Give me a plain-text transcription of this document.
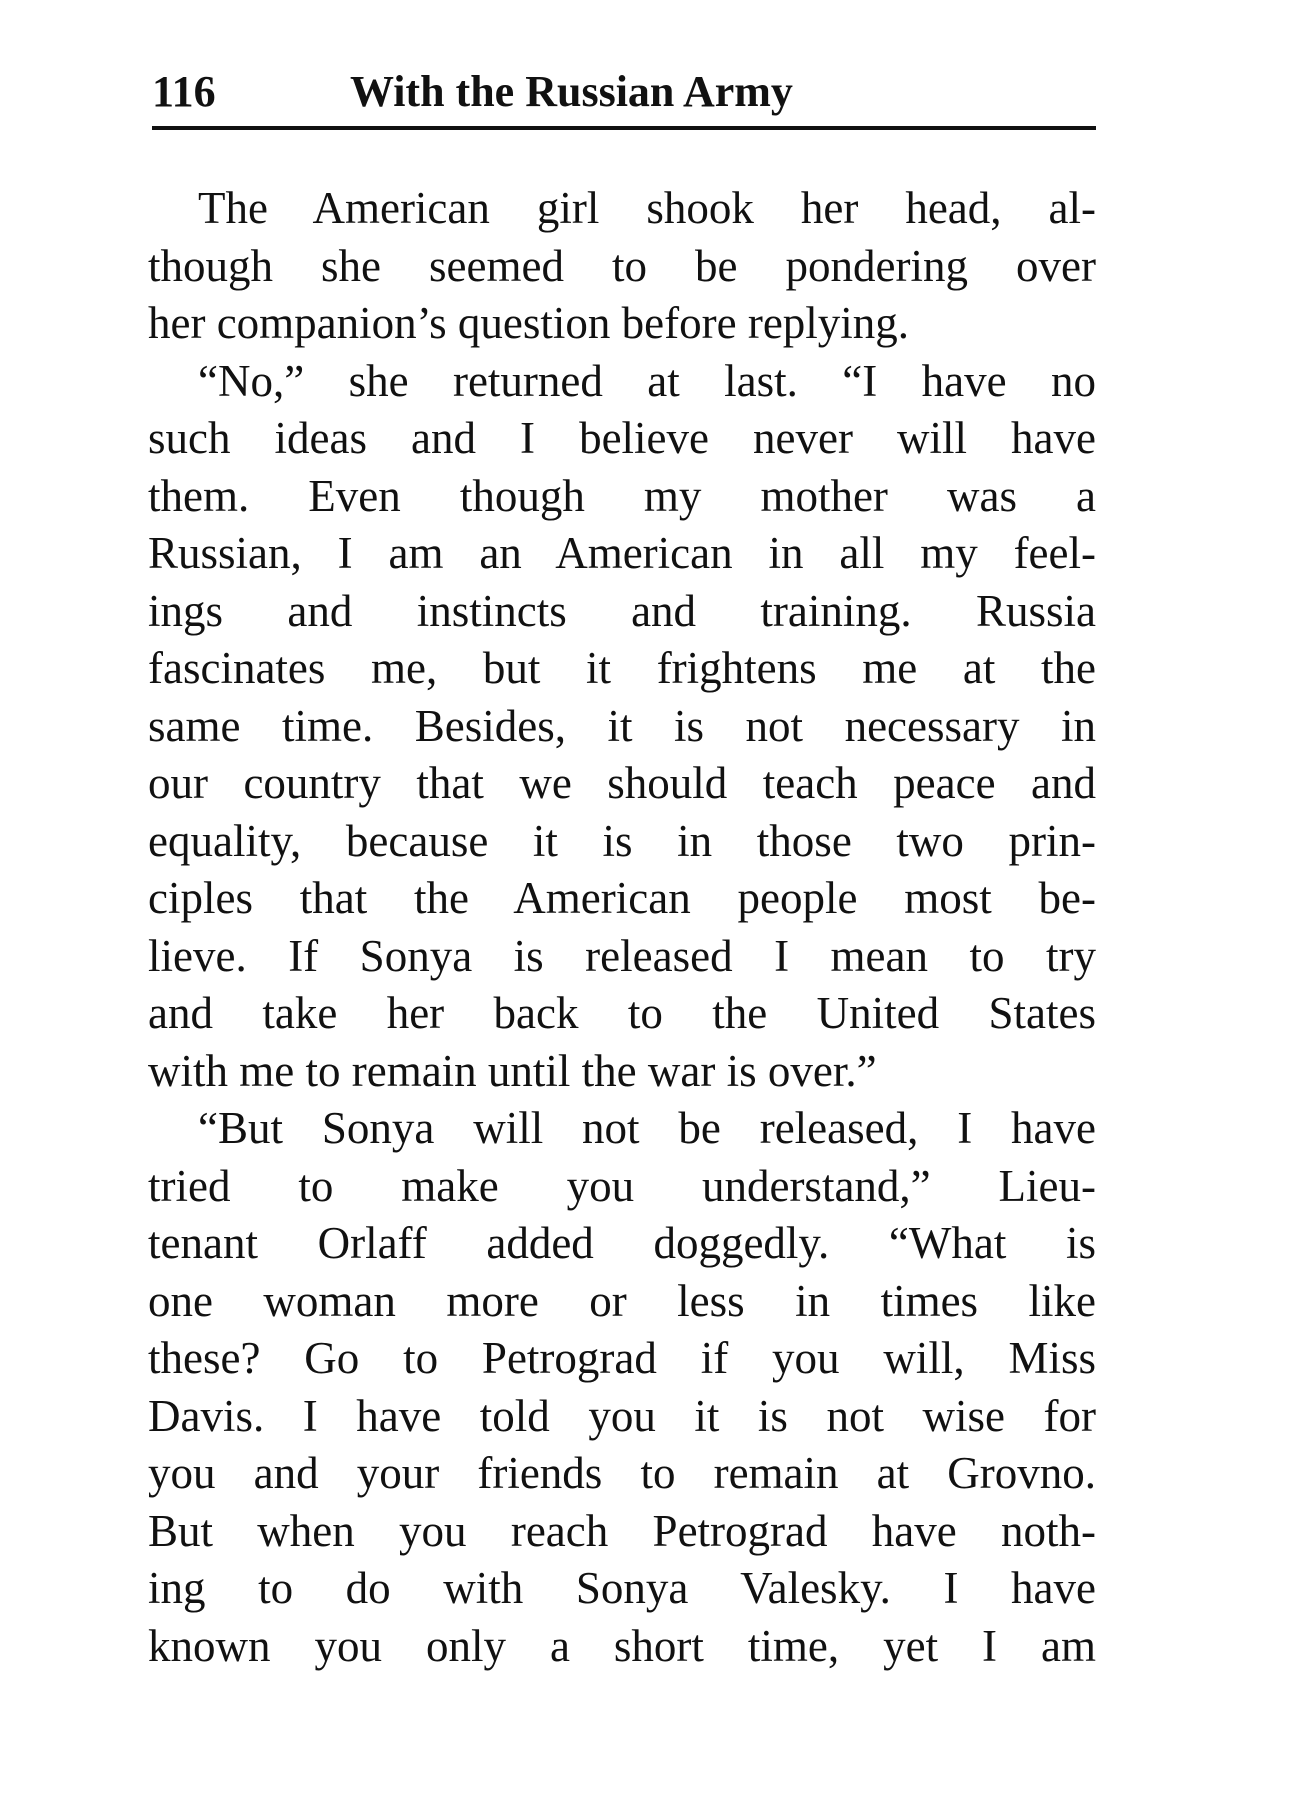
116	With the Russian Army
The American girl shook her head, al-
though she seemed to be pondering over
her companion’s question before replying.
“No,” she returned at last. “I have no
such ideas and I believe never will have
them. Even though my mother was a
Russian, I am an American in all my feel-
ings and instincts and training. Russia
fascinates me, but it frightens me at the
same time. Besides, it is not necessary in
our country that we should teach peace and
equality, because it is in those two prin-
ciples that the American people most be-
lieve. If Sonya is released I mean to try
and take her back to the United States
with me to remain until the war is over.”
“But Sonya will not be released, I have
tried to make you understand,” Lieu-
tenant Orlaff added doggedly. “What is
one woman more or less in times like
these? Go to Petrograd if you will, Miss
Davis. I have told you it is not wise for
you and your friends to remain at Grovno.
But when you reach Petrograd have noth-
ing to do with Sonya Valesky. I have
known you only a short time, yet I am
